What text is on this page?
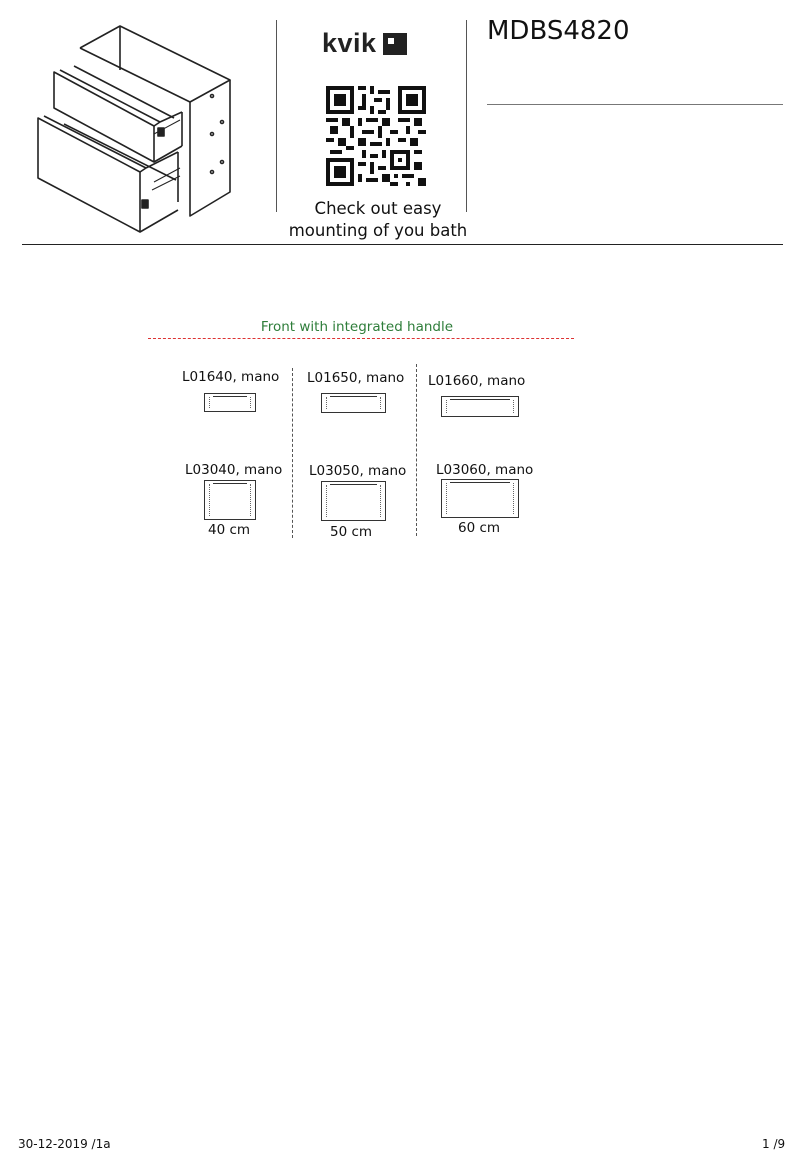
kvik
Check out easy
mounting of you bath
MDBS4820
Front with integrated handle
L01640, mano L01650, mano L01660, mano
L03040, mano L03050, mano L03060, mano
40 cm	50 cm	60 cm
30-12-2019 /1a	1 /9
